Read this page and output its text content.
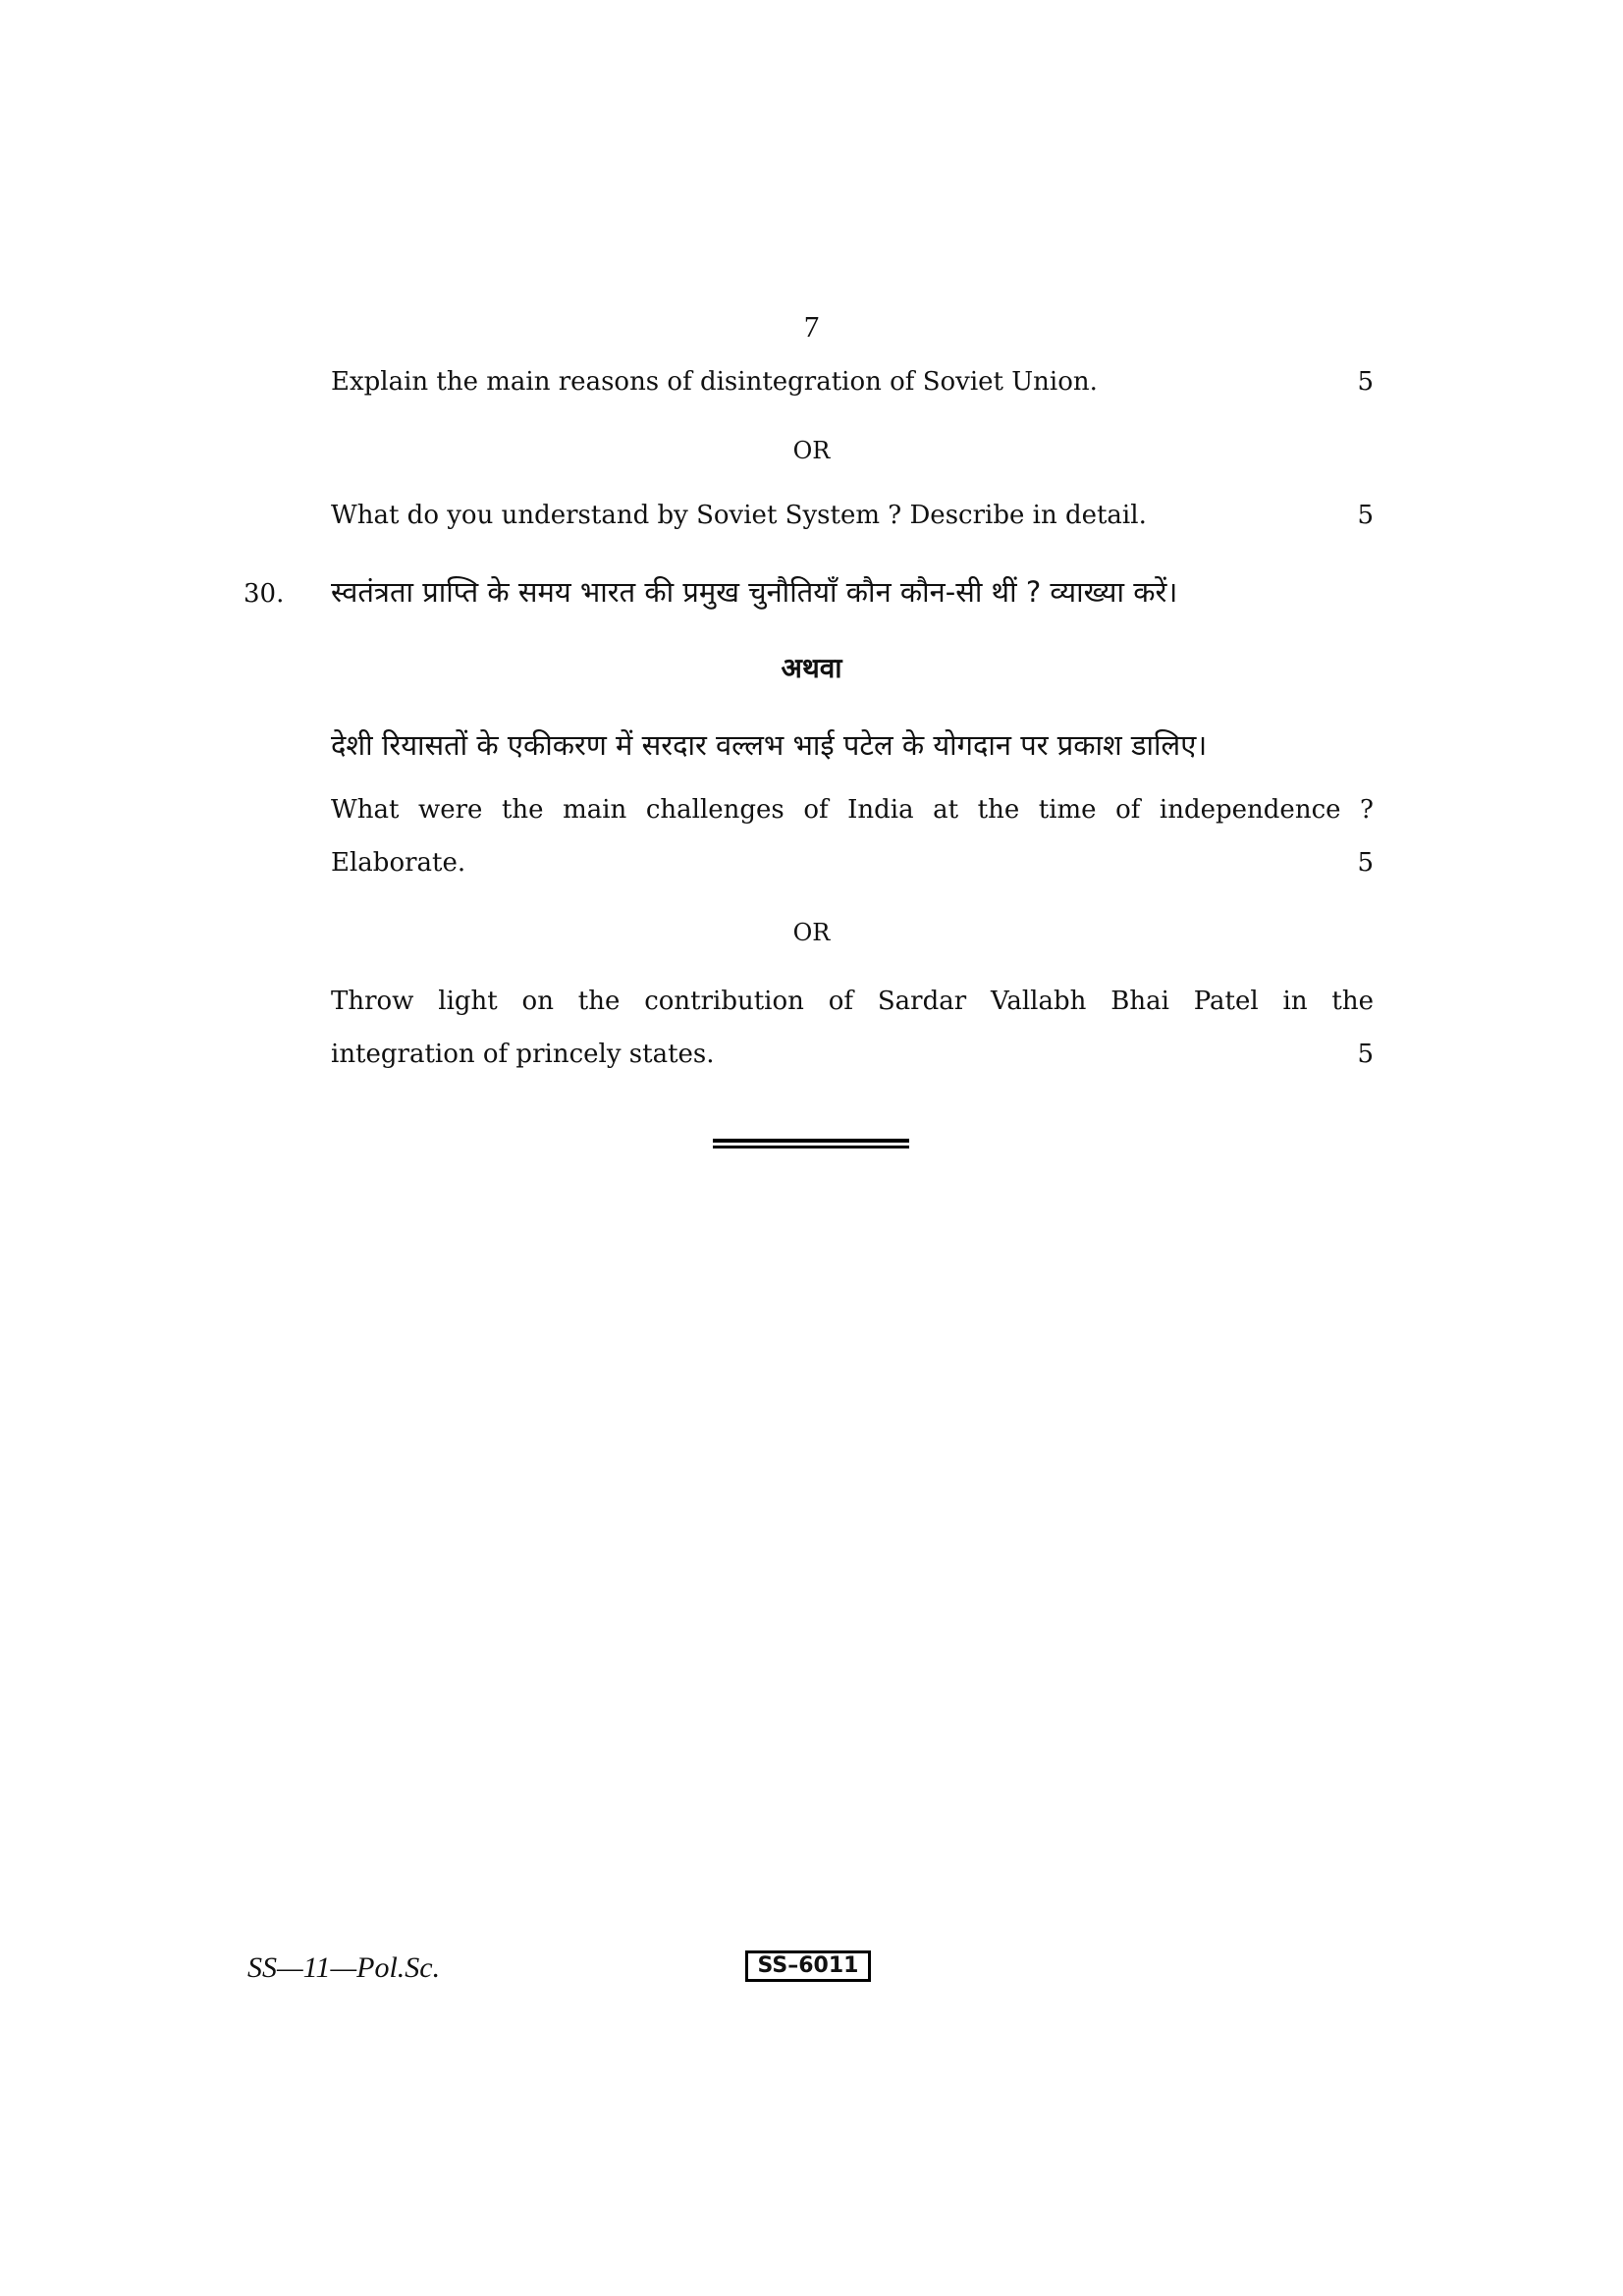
7
Explain the main reasons of disintegration of Soviet Union.	5
OR
What do you understand by Soviet System ? Describe in detail.	5
30. स्वतंत्रता प्राप्ति के समय भारत की प्रमुख चुनौतियाँ कौन कौन-सी थीं ? व्याख्या करें।
अथवा
देशी रियासतों के एकीकरण में सरदार वल्लभ भाई पटेल के योगदान पर प्रकाश डालिए।
What were the main challenges of India at the time of independence ?
Elaborate.	5
OR
Throw light on the contribution of Sardar Vallabh Bhai Patel in the
integration of princely states.	5
SS—11—Pol.Sc.	SS–6011
